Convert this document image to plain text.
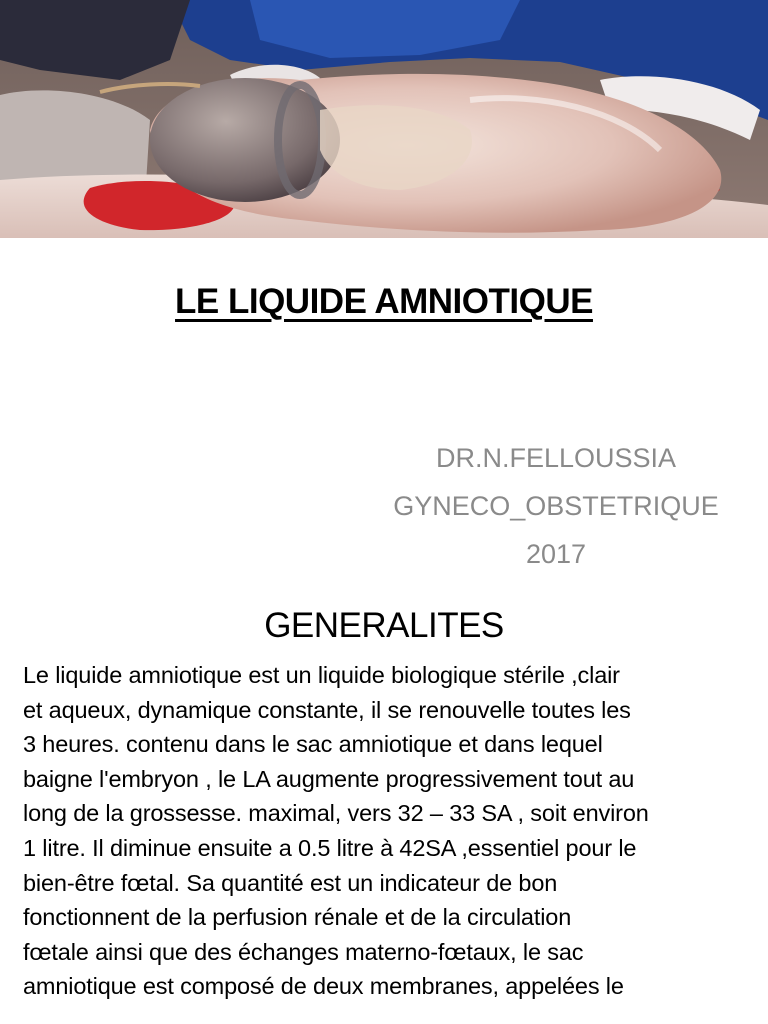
LE LIQUIDE AMNIOTIQUE
DR.N.FELLOUSSIA
GYNECO_OBSTETRIQUE
2017
GENERALITES
Le liquide amniotique est un liquide biologique stérile ,clair
et aqueux, dynamique constante, il se renouvelle toutes les
3 heures. contenu dans le sac amniotique et dans lequel
baigne l'embryon , le LA augmente progressivement tout au
long de la grossesse. maximal, vers 32 – 33 SA , soit environ
1 litre. Il diminue ensuite a 0.5 litre à 42SA ,essentiel pour le
bien-être fœtal. Sa quantité est un indicateur de bon
fonctionnent de la perfusion rénale et de la circulation
fœtale ainsi que des échanges materno-fœtaux, le sac
amniotique est composé de deux membranes, appelées le
